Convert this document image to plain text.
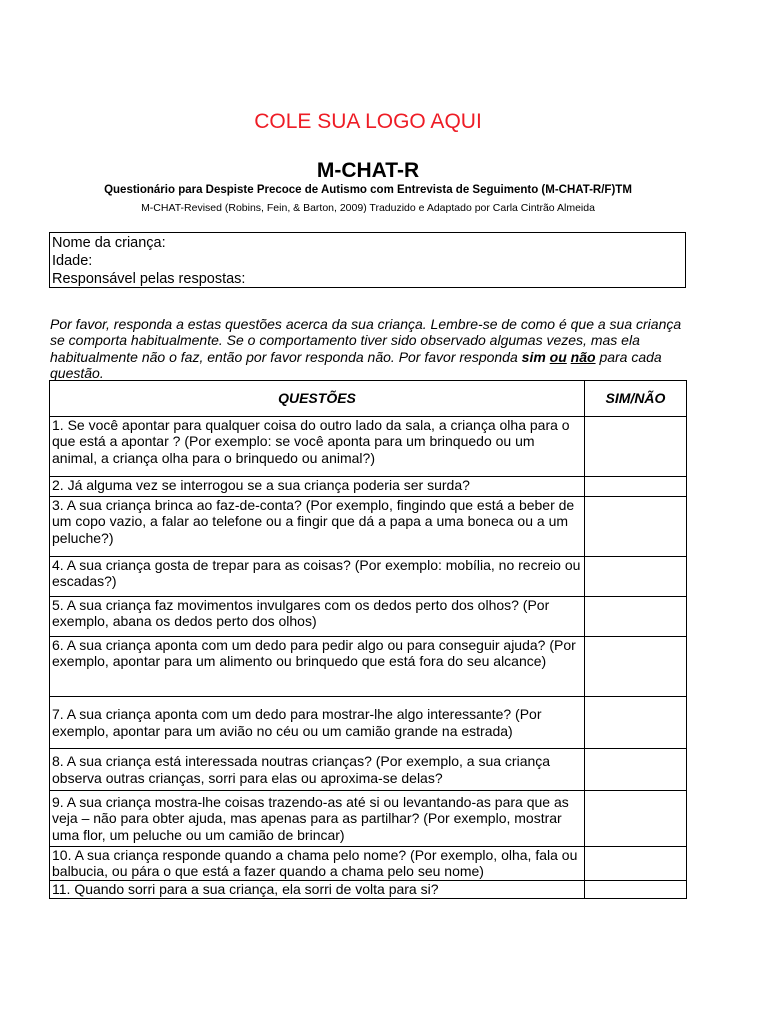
COLE SUA LOGO AQUI
M-CHAT-R
Questionário para Despiste Precoce de Autismo com Entrevista de Seguimento (M-CHAT-R/F)TM
M-CHAT-Revised (Robins, Fein, & Barton, 2009) Traduzido e Adaptado por Carla Cintrão Almeida
Nome da criança:
Idade:
Responsável pelas respostas:
Por favor, responda a estas questões acerca da sua criança. Lembre-se de como é que a sua criança se comporta habitualmente. Se o comportamento tiver sido observado algumas vezes, mas ela habitualmente não o faz, então por favor responda não. Por favor responda sim ou não para cada questão.
QUESTÕES	SIM/NÃO
1. Se você apontar para qualquer coisa do outro lado da sala, a criança olha para o que está a apontar ? (Por exemplo: se você aponta para um brinquedo ou um animal, a criança olha para o brinquedo ou animal?)	
2. Já alguma vez se interrogou se a sua criança poderia ser surda?	
3. A sua criança brinca ao faz-de-conta? (Por exemplo, fingindo que está a beber de um copo vazio, a falar ao telefone ou a fingir que dá a papa a uma boneca ou a um peluche?)	
4. A sua criança gosta de trepar para as coisas? (Por exemplo: mobília, no recreio ou escadas?)	
5. A sua criança faz movimentos invulgares com os dedos perto dos olhos? (Por exemplo, abana os dedos perto dos olhos)	
6. A sua criança aponta com um dedo para pedir algo ou para conseguir ajuda? (Por exemplo, apontar para um alimento ou brinquedo que está fora do seu alcance)	
7. A sua criança aponta com um dedo para mostrar-lhe algo interessante? (Por exemplo, apontar para um avião no céu ou um camião grande na estrada)	
8. A sua criança está interessada noutras crianças? (Por exemplo, a sua criança observa outras crianças, sorri para elas ou aproxima-se delas?	
9. A sua criança mostra-lhe coisas trazendo-as até si ou levantando-as para que as veja – não para obter ajuda, mas apenas para as partilhar? (Por exemplo, mostrar uma flor, um peluche ou um camião de brincar)	
10. A sua criança responde quando a chama pelo nome? (Por exemplo, olha, fala ou balbucia, ou pára o que está a fazer quando a chama pelo seu nome)	
11. Quando sorri para a sua criança, ela sorri de volta para si?	
